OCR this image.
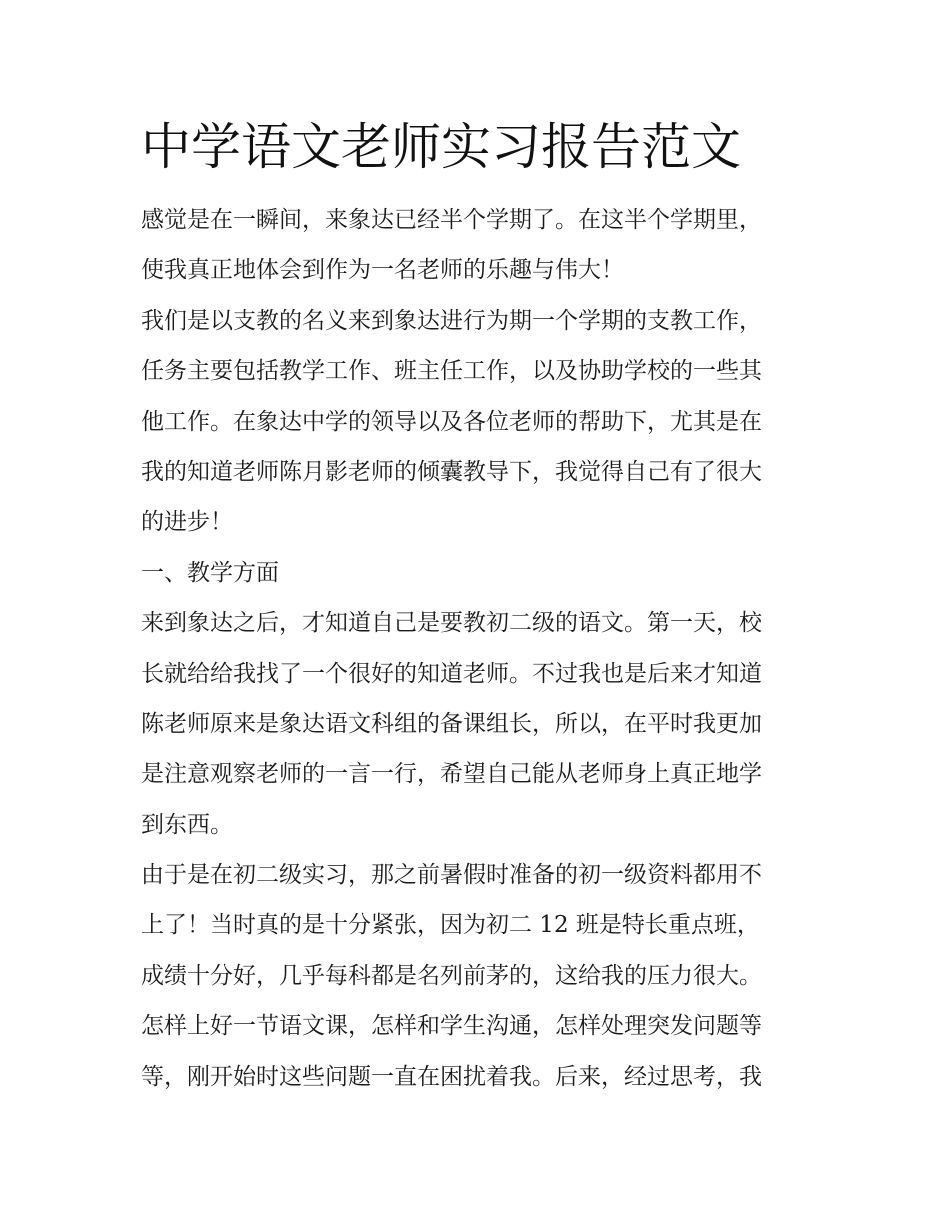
中学语文老师实习报告范文
感觉是在一瞬间，来象达已经半个学期了。在这半个学期里，
使我真正地体会到作为一名老师的乐趣与伟大！
我们是以支教的名义来到象达进行为期一个学期的支教工作，
任务主要包括教学工作、班主任工作，以及协助学校的一些其
他工作。在象达中学的领导以及各位老师的帮助下，尤其是在
我的知道老师陈月影老师的倾囊教导下，我觉得自己有了很大
的进步！
一、教学方面
来到象达之后，才知道自己是要教初二级的语文。第一天，校
长就给给我找了一个很好的知道老师。不过我也是后来才知道
陈老师原来是象达语文科组的备课组长，所以，在平时我更加
是注意观察老师的一言一行，希望自己能从老师身上真正地学
到东西。
由于是在初二级实习，那之前暑假时准备的初一级资料都用不
上了！当时真的是十分紧张，因为初二 12 班是特长重点班，
成绩十分好，几乎每科都是名列前茅的，这给我的压力很大。
怎样上好一节语文课，怎样和学生沟通，怎样处理突发问题等
等，刚开始时这些问题一直在困扰着我。后来，经过思考，我
